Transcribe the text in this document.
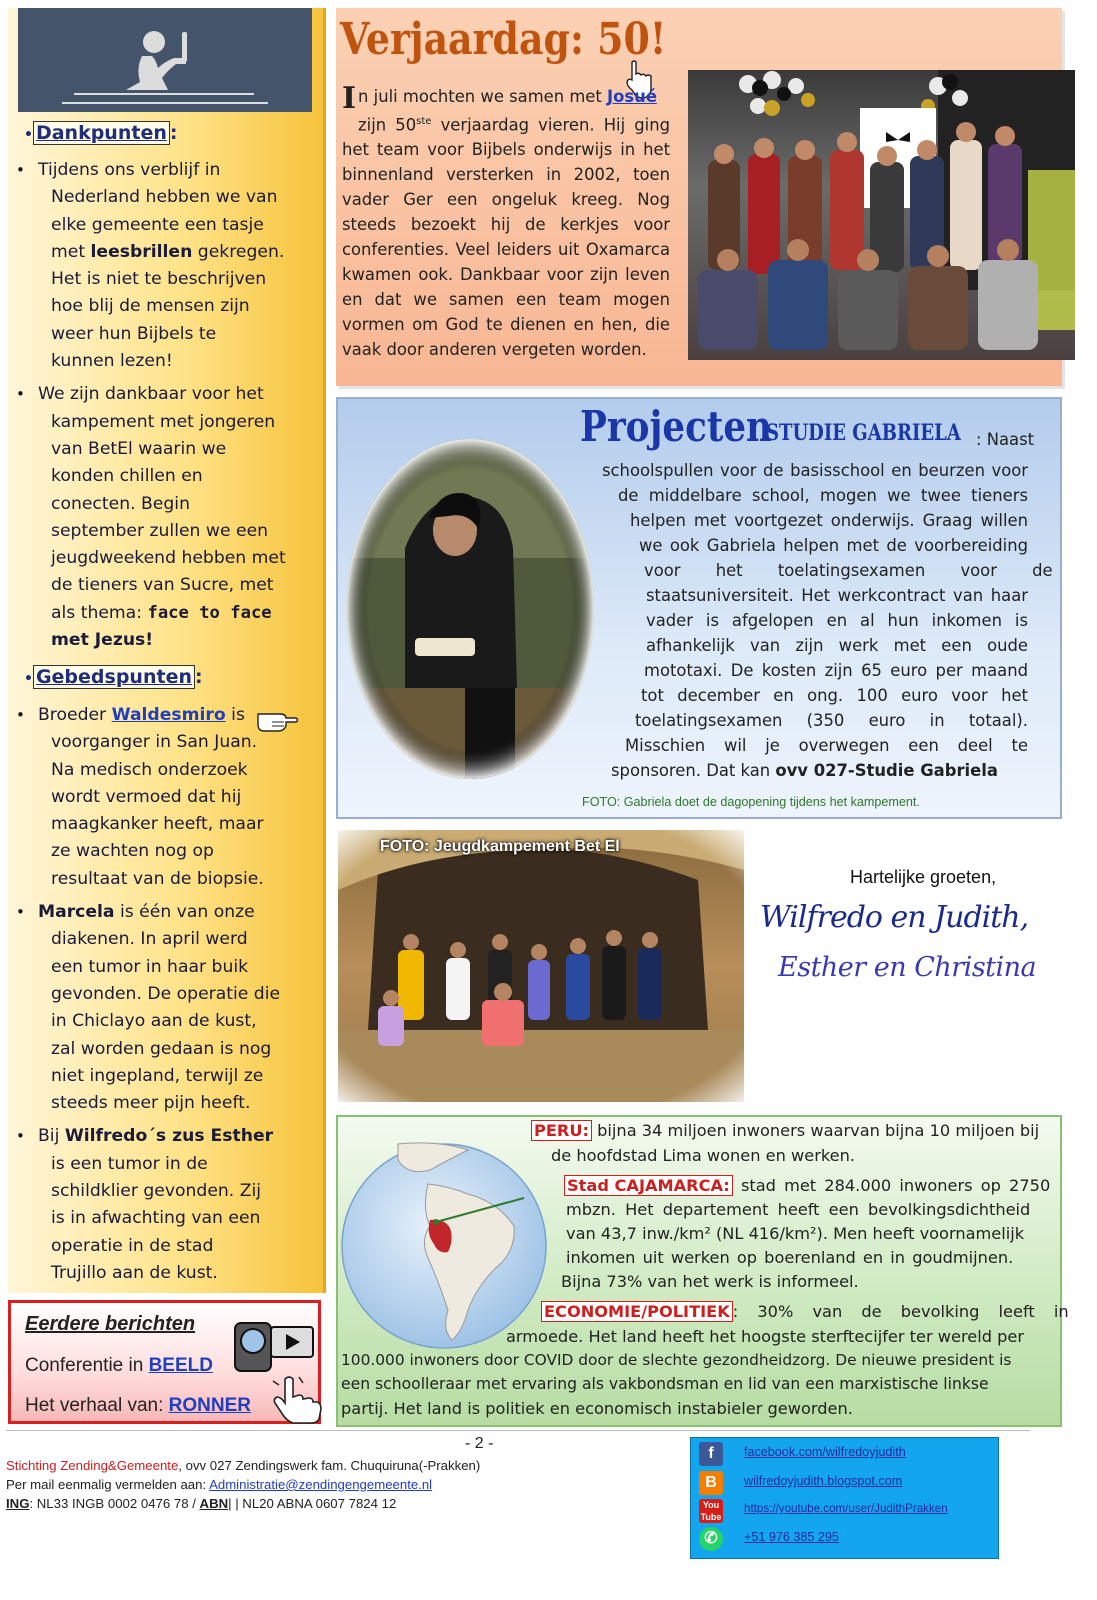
• Dankpunten :
• Tijdens ons verblijf in
Nederland hebben we van
elke gemeente een tasje
met leesbrillen gekregen.
Het is niet te beschrijven
hoe blij de mensen zijn
weer hun Bijbels te
kunnen lezen!
• We zijn dankbaar voor het
kampement met jongeren
van BetEl waarin we
konden chillen en
conecten. Begin
september zullen we een
jeugdweekend hebben met
de tieners van Sucre, met
als thema: face to face
met Jezus!
• Gebedspunten :
• Broeder Waldesmiro is
voorganger in San Juan.
Na medisch onderzoek
wordt vermoed dat hij
maagkanker heeft, maar
ze wachten nog op
resultaat van de biopsie.
• Marcela is één van onze
diakenen. In april werd
een tumor in haar buik
gevonden. De operatie die
in Chiclayo aan de kust,
zal worden gedaan is nog
niet ingepland, terwijl ze
steeds meer pijn heeft.
• Bij Wilfredo´s zus Esther
is een tumor in de
schildklier gevonden. Zij
is in afwachting van een
operatie in de stad
Trujillo aan de kust.
Eerdere berichten
Conferentie in BEELD
Het verhaal van: RONNER
Verjaardag: 50!
In juli mochten we samen met Josué
zijn 50ste verjaardag vieren. Hij ging het team voor Bijbels onderwijs in het binnenland versterken in 2002, toen vader Ger een ongeluk kreeg. Nog steeds bezoekt hij de kerkjes voor conferenties. Veel leiders uit Oxamarca kwamen ook. Dankbaar voor zijn leven en dat we samen een team mogen vormen om God te dienen en hen, die vaak door anderen vergeten worden.
Projecten
STUDIE GABRIELA : Naast
schoolspullen voor de basisschool en beurzen voor
de middelbare school, mogen we twee tieners
helpen met voortgezet onderwijs. Graag willen
we ook Gabriela helpen met de voorbereiding
voor het toelatingsexamen voor de
staatsuniversiteit. Het werkcontract van haar
vader is afgelopen en al hun inkomen is
afhankelijk van zijn werk met een oude
mototaxi. De kosten zijn 65 euro per maand
tot december en ong. 100 euro voor het
toelatingsexamen (350 euro in totaal).
Misschien wil je overwegen een deel te
sponsoren. Dat kan ovv 027-Studie Gabriela
FOTO: Gabriela doet de dagopening tijdens het kampement.
FOTO: Jeugdkampement Bet El
Hartelijke groeten,
Wilfredo en Judith,
Esther en Christina
PERU: bijna 34 miljoen inwoners waarvan bijna 10 miljoen bij
de hoofdstad Lima wonen en werken.
Stad CAJAMARCA: stad met 284.000 inwoners op 2750
mbzn. Het departement heeft een bevolkingsdichtheid
van 43,7 inw./km² (NL 416/km²). Men heeft voornamelijk
inkomen uit werken op boerenland en in goudmijnen.
Bijna 73% van het werk is informeel.
ECONOMIE/POLITIEK : 30% van de bevolking leeft in
armoede. Het land heeft het hoogste sterftecijfer ter wereld per
100.000 inwoners door COVID door de slechte gezondheidzorg. De nieuwe president is
een schoolleraar met ervaring als vakbondsman en lid van een marxistische linkse
partij. Het land is politiek en economisch instabieler geworden.
- 2 -
Stichting Zending&Gemeente, ovv 027 Zendingswerk fam. Chuquiruna(-Prakken)
Per mail eenmalig vermelden aan: Administratie@zendingengemeente.nl
ING: NL33 INGB 0002 0476 78 / ABN| | NL20 ABNA 0607 7824 12
f	facebook.com/wilfredoyjudith
B	wilfredoyjudith.blogspot.com
You
Tube
https://youtube.com/user/JudithPrakken
✆	+51 976 385 295
